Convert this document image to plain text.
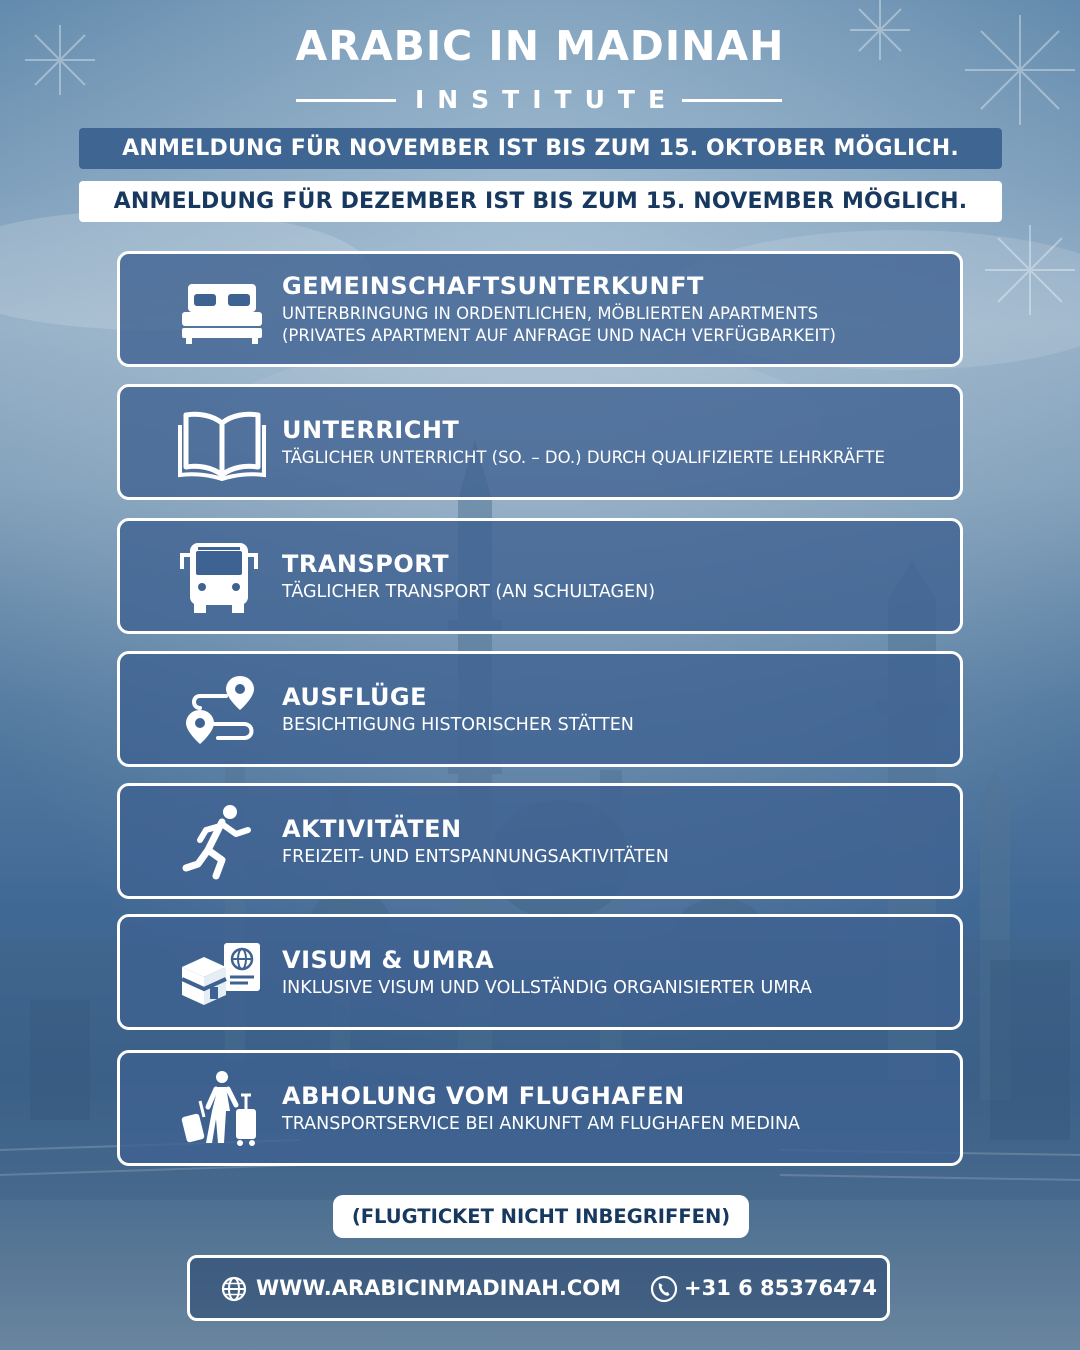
ARABIC IN MADINAH
INSTITUTE
ANMELDUNG FÜR NOVEMBER IST BIS ZUM 15. OKTOBER MÖGLICH.
ANMELDUNG FÜR DEZEMBER IST BIS ZUM 15. NOVEMBER MÖGLICH.
GEMEINSCHAFTSUNTERKUNFT
UNTERBRINGUNG IN ORDENTLICHEN, MÖBLIERTEN APARTMENTS
(PRIVATES APARTMENT AUF ANFRAGE UND NACH VERFÜGBARKEIT)
UNTERRICHT
TÄGLICHER UNTERRICHT (SO. – DO.) DURCH QUALIFIZIERTE LEHRKRÄFTE
TRANSPORT
TÄGLICHER TRANSPORT (AN SCHULTAGEN)
AUSFLÜGE
BESICHTIGUNG HISTORISCHER STÄTTEN
AKTIVITÄTEN
FREIZEIT- UND ENTSPANNUNGSAKTIVITÄTEN
VISUM & UMRA
INKLUSIVE VISUM UND VOLLSTÄNDIG ORGANISIERTER UMRA
ABHOLUNG VOM FLUGHAFEN
TRANSPORTSERVICE BEI ANKUNFT AM FLUGHAFEN MEDINA
(FLUGTICKET NICHT INBEGRIFFEN)
WWW.ARABICINMADINAH.COM	+31 6 85376474
